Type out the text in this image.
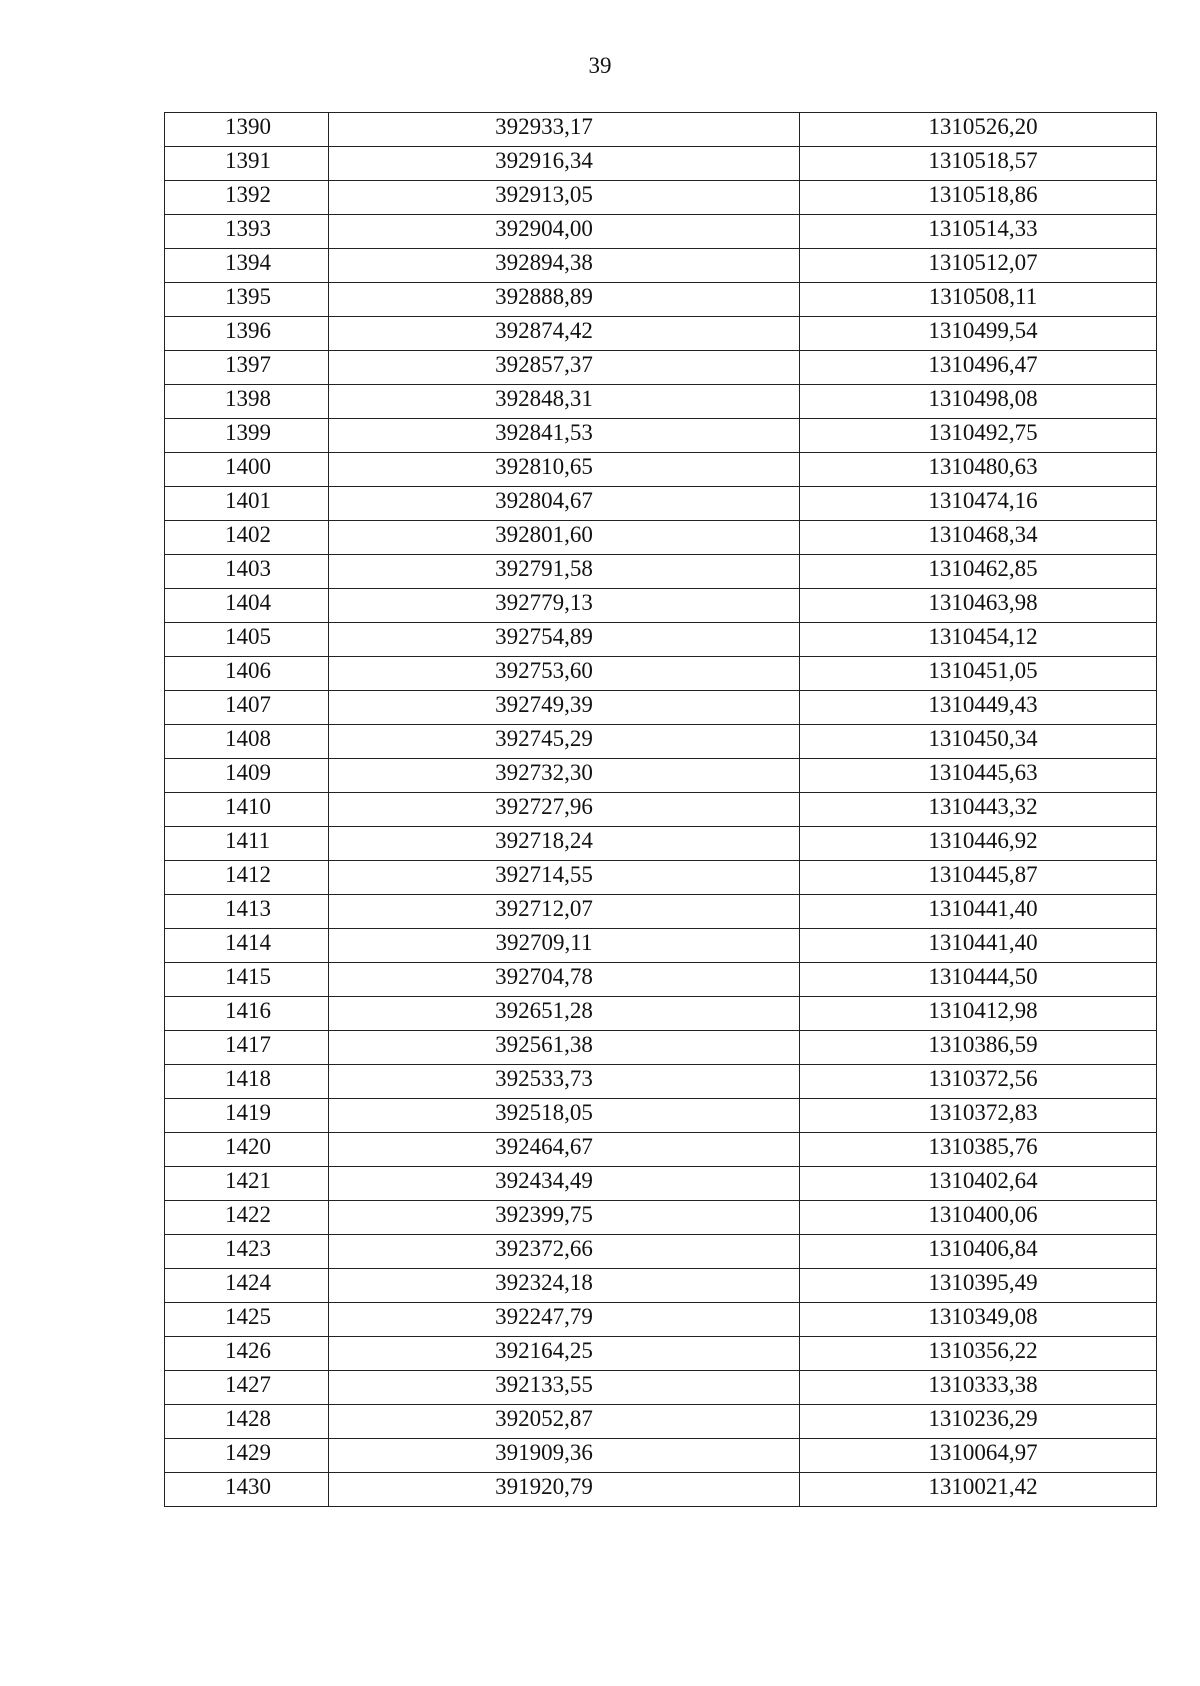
39
1390	392933,17	1310526,20
1391	392916,34	1310518,57
1392	392913,05	1310518,86
1393	392904,00	1310514,33
1394	392894,38	1310512,07
1395	392888,89	1310508,11
1396	392874,42	1310499,54
1397	392857,37	1310496,47
1398	392848,31	1310498,08
1399	392841,53	1310492,75
1400	392810,65	1310480,63
1401	392804,67	1310474,16
1402	392801,60	1310468,34
1403	392791,58	1310462,85
1404	392779,13	1310463,98
1405	392754,89	1310454,12
1406	392753,60	1310451,05
1407	392749,39	1310449,43
1408	392745,29	1310450,34
1409	392732,30	1310445,63
1410	392727,96	1310443,32
1411	392718,24	1310446,92
1412	392714,55	1310445,87
1413	392712,07	1310441,40
1414	392709,11	1310441,40
1415	392704,78	1310444,50
1416	392651,28	1310412,98
1417	392561,38	1310386,59
1418	392533,73	1310372,56
1419	392518,05	1310372,83
1420	392464,67	1310385,76
1421	392434,49	1310402,64
1422	392399,75	1310400,06
1423	392372,66	1310406,84
1424	392324,18	1310395,49
1425	392247,79	1310349,08
1426	392164,25	1310356,22
1427	392133,55	1310333,38
1428	392052,87	1310236,29
1429	391909,36	1310064,97
1430	391920,79	1310021,42
